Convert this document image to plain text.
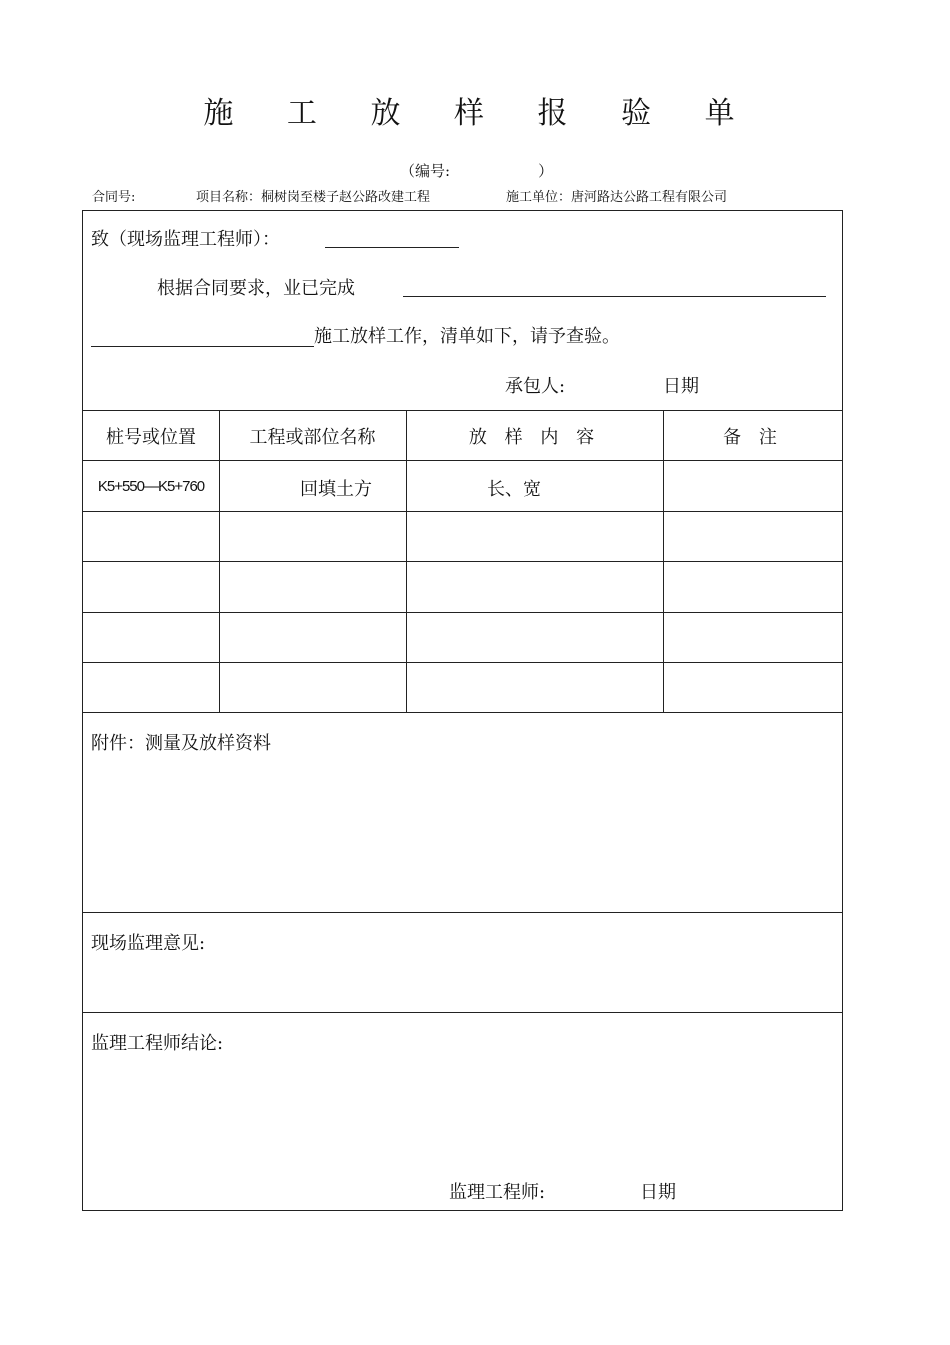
施 工 放 样 报 验 单
（编号:	）
合同号:	项目名称：桐树岗至楼子赵公路改建工程	施工单位：唐河路达公路工程有限公司
致（现场监理工程师）：
根据合同要求，业已完成
施工放样工作，清单如下，请予查验。
承包人:	日期
桩号或位置	工程或部位名称	放 样 内 容	备 注
K5+550—K5+760	回填土方	长、宽
附件：测量及放样资料
现场监理意见:
监理工程师结论:
监理工程师:	日期
